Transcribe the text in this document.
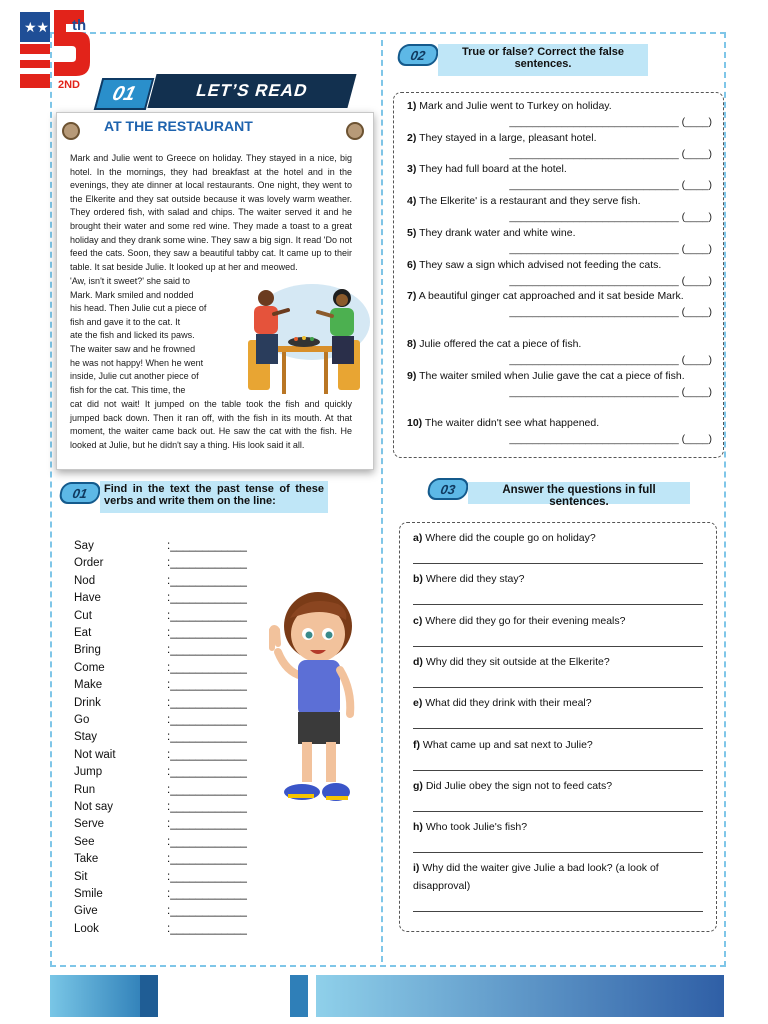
★★ th
2ND	01	LET’S READ
AT THE RESTAURANT

Mark and Julie went to Greece on holiday. They stayed in a nice, big hotel. In the mornings, they had breakfast at the hotel and in the evenings, they ate dinner at local restaurants. One night, they went to the Elkerite and they sat outside because it was lovely warm weather. They ordered fish, with salad and chips. The waiter served it and he brought their water and some red wine. They made a toast to a great holiday and they drank some wine. They saw a big sign. It read 'Do not feed the cats. Soon, they saw a beautiful tabby cat. It came up to their table. It sat beside Julie. It looked up at her and meowed.

'Aw, isn't it sweet?' she said to

Mark. Mark smiled and nodded

his head. Then Julie cut a piece of

fish and gave it to the cat. It

ate the fish and licked its paws.

The waiter saw and he frowned

he was not happy! When he went

inside, Julie cut another piece of

fish for the cat. This time, the

cat did not wait! It jumped on the table took the fish and quickly jumped back down. Then it ran off, with the fish in its mouth. At that moment, the waiter came back out. He saw the cat with the fish. He looked at Julie, but he didn't say a thing. His look said it all.

01	Find in the text the past tense of these verbs and write them on the line:
Say	:____________
Order	:____________
Nod	:____________
Have	:____________
Cut	:____________
Eat	:____________
Bring	:____________
Come	:____________
Make	:____________
Drink	:____________
Go	:____________
Stay	:____________
Not wait	:____________
Jump	:____________
Run	:____________
Not say	:____________
Serve	:____________
See	:____________
Take	:____________
Sit	:____________
Smile	:____________
Give	:____________
Look	:____________
02	True or false? Correct the false sentences.
1) Mark and Julie went to Turkey on holiday.
_____________________________ (____)
2) They stayed in a large, pleasant hotel.
_____________________________ (____)
3) They had full board at the hotel.
_____________________________ (____)
4) The Elkerite' is a restaurant and they serve fish.
_____________________________ (____)
5) They drank water and white wine.
_____________________________ (____)
6) They saw a sign which advised not feeding the cats.
_____________________________ (____)
7) A beautiful ginger cat approached and it sat beside Mark.
_____________________________ (____)
8) Julie offered the cat a piece of fish.
_____________________________ (____)
9) The waiter smiled when Julie gave the cat a piece of fish.
_____________________________ (____)
10) The waiter didn't see what happened.
_____________________________ (____)
03	Answer the questions in full sentences.
a) Where did the couple go on holiday?
b) Where did they stay?
c) Where did they go for their evening meals?
d) Why did they sit outside at the Elkerite?
e) What did they drink with their meal?
f) What came up and sat next to Julie?
g) Did Julie obey the sign not to feed cats?
h) Who took Julie's fish?
i) Why did the waiter give Julie a bad look? (a look of disapproval)
